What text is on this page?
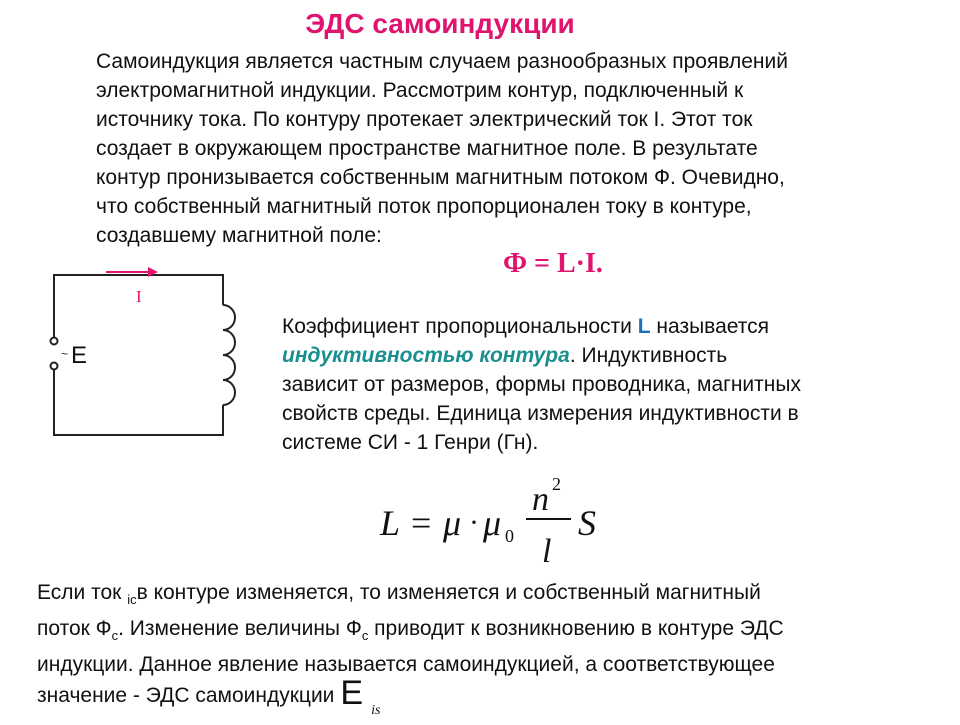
ЭДС самоиндукции
Самоиндукция является частным случаем разнообразных проявлений
электромагнитной индукции. Рассмотрим контур, подключенный к
источнику тока. По контуру протекает электрический ток I. Этот ток
создает в окружающем пространстве магнитное поле. В результате
контур пронизывается собственным магнитным потоком Ф. Очевидно,
что собственный магнитный поток пропорционален току в контуре,
создавшему магнитной поле:
Ф = L·I.
~ E
I
Коэффициент пропорциональности L называется
индуктивностью контура. Индуктивность
зависит от размеров, формы проводника, магнитных
свойств среды. Единица измерения индуктивности в
системе СИ - 1 Генри (Гн).
L = μ · μ 0
n 2
l
S
Если ток $_{ic}$в контуре изменяется, то изменяется и собственный магнитный
поток $Ф_c$. Изменение величины $Ф_c$ приводит к возникновению в контуре ЭДС
индукции. Данное явление называется самоиндукцией, а соответствующее
значение - ЭДС самоиндукции E $_{is}$
